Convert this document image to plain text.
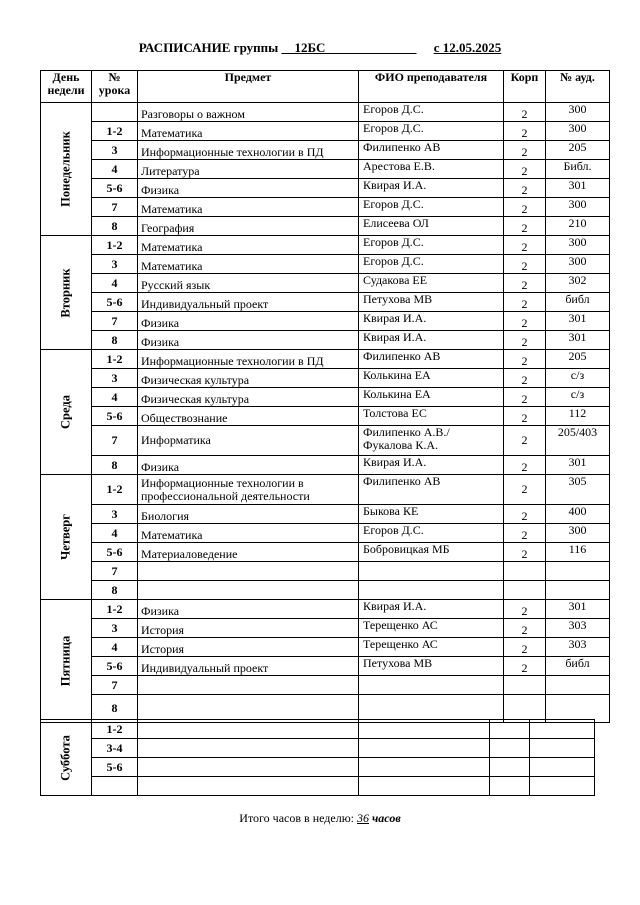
РАСПИСАНИЕ группы __12БС______________ с 12.05.2025
День недели	№ урока	Предмет	ФИО преподавателя	Корп	№ ауд.

Понедельник		Разговоры о важном	Егоров Д.С.	2	300
	1-2	Математика	Егоров Д.С.	2	300
	3	Информационные технологии в ПД	Филипенко АВ	2	205
	4	Литература	Арестова Е.В.	2	Библ.
	5-6	Физика	Квирая И.А.	2	301
	7	Математика	Егоров Д.С.	2	300
	8	География	Елисеева ОЛ	2	210

Вторник	1-2	Математика	Егоров Д.С.	2	300
	3	Математика	Егоров Д.С.	2	300
	4	Русский язык	Судакова ЕЕ	2	302
	5-6	Индивидуальный проект	Петухова МВ	2	библ
	7	Физика	Квирая И.А.	2	301
	8	Физика	Квирая И.А.	2	301

Среда	1-2	Информационные технологии в ПД	Филипенко АВ	2	205
	3	Физическая культура	Колькина ЕА	2	с/з
	4	Физическая культура	Колькина ЕА	2	с/з
	5-6	Обществознание	Толстова ЕС	2	112
	7	Информатика	Филипенко А.В./
Фукалова К.А.	2	205/403
	8	Физика	Квирая И.А.	2	301

Четверг	1-2	Информационные технологии в
профессиональной деятельности	Филипенко АВ	2	305
	3	Биология	Быкова КЕ	2	400
	4	Математика	Егоров Д.С.	2	300
	5-6	Материаловедение	Бобровицкая МБ	2	116
	7				
	8				

Пятница	1-2	Физика	Квирая И.А.	2	301
	3	История	Терещенко АС	2	303
	4	История	Терещенко АС	2	303
	5-6	Индивидуальный проект	Петухова МВ	2	библ
	7				
	8				
Суббота	1-2				
	3-4				
	5-6				

Итого часов в неделю: 36 часов
